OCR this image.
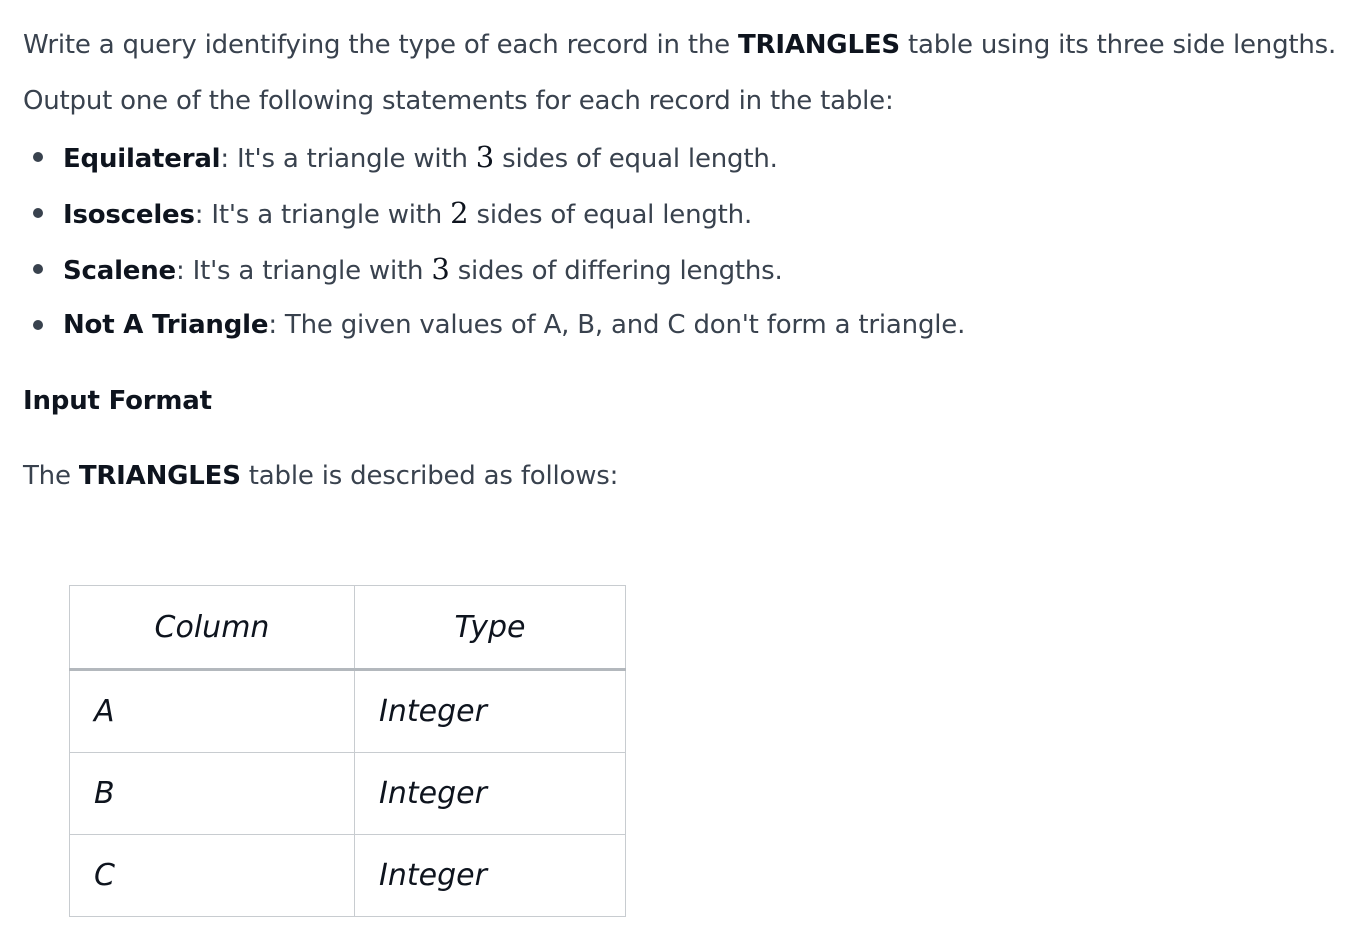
Write a query identifying the type of each record in the TRIANGLES table using its three side lengths.
Output one of the following statements for each record in the table:
Equilateral: It's a triangle with 3 sides of equal length.
Isosceles: It's a triangle with 2 sides of equal length.
Scalene: It's a triangle with 3 sides of differing lengths.
Not A Triangle: The given values of A, B, and C don't form a triangle.
Input Format
The TRIANGLES table is described as follows:
Column	Type
A	Integer
B	Integer
C	Integer
